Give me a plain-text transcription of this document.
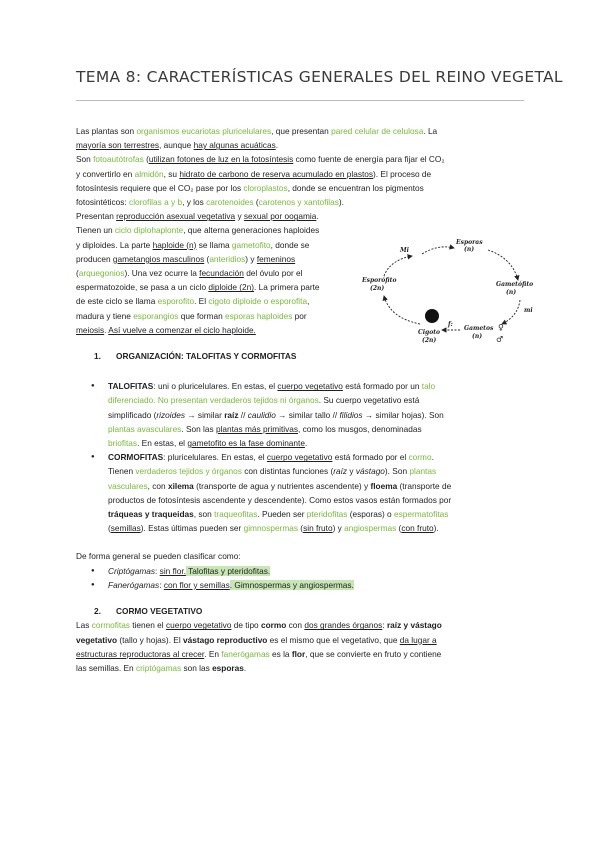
TEMA 8: CARACTERÍSTICAS GENERALES DEL REINO VEGETAL

Las plantas son organismos eucariotas pluricelulares, que presentan pared celular de celulosa. La

mayoría son terrestres, aunque hay algunas acuáticas.

Son fotoautótrofas (utilizan fotones de luz en la fotosíntesis como fuente de energía para fijar el CO₂

y convertirlo en almidón, su hidrato de carbono de reserva acumulado en plastos). El proceso de

fotosíntesis requiere que el CO₂ pase por los cloroplastos, donde se encuentran los pigmentos

fotosintéticos: clorofilas a y b, y los carotenoides (carotenos y xantofilas).

Presentan reproducción asexual vegetativa y sexual por oogamia.

Tienen un ciclo diplohaplonte, que alterna generaciones haploides

y diploides. La parte haploide (n) se llama gametofito, donde se

producen gametangios masculinos (anteridios) y femeninos

(arquegonios). Una vez ocurre la fecundación del óvulo por el

espermatozoide, se pasa a un ciclo diploide (2n). La primera parte

de este ciclo se llama esporofito. El cigoto diploide o esporofita,

madura y tiene esporangios que forman esporas haploides por

meiosis. Así vuelve a comenzar el ciclo haploide.

1. ORGANIZACIÓN: TALOFITAS Y CORMOFITAS
● TALOFITAS: uni o pluricelulares. En estas, el cuerpo vegetativo está formado por un talo
diferenciado. No presentan verdaderos tejidos ni órganos. Su cuerpo vegetativo está
simplificado (rizoides → similar raíz // caulidio → similar tallo // filidios → similar hojas). Son
plantas avasculares. Son las plantas más primitivas, como los musgos, denominadas
briofitas. En estas, el gametofito es la fase dominante.
● CORMOFITAS: pluricelulares. En estas, el cuerpo vegetativo está formado por el cormo.
Tienen verdaderos tejidos y órganos con distintas funciones (raíz y vástago). Son plantas
vasculares, con xilema (transporte de agua y nutrientes ascendente) y floema (transporte de
productos de fotosíntesis ascendente y descendente). Como estos vasos están formados por
tráqueas y traqueidas, son traqueofitas. Pueden ser pteridofitas (esporas) o espermatofitas
(semillas). Estas últimas pueden ser gimnospermas (sin fruto) y angiospermas (con fruto).

De forma general se pueden clasificar como:

● Criptógamas: sin flor. Talofitas y pteridofitas.
● Fanerógamas: con flor y semillas. Gimnospermas y angiospermas.
2. CORMO VEGETATIVO

Las cormofitas tienen el cuerpo vegetativo de tipo cormo con dos grandes órganos: raíz y vástago
vegetativo (tallo y hojas). El vástago reproductivo es el mismo que el vegetativo, que da lugar a
estructuras reproductoras al crecer. En fanerógamas es la flor, que se convierte en fruto y contiene
las semillas. En criptógamas son las esporas.

Esporas
(n)
Mi
Gametófito
(n)
Esporófito
(2n)
mi
Cigoto
(2n)
f:
Gametos
(n)
♀
♂
